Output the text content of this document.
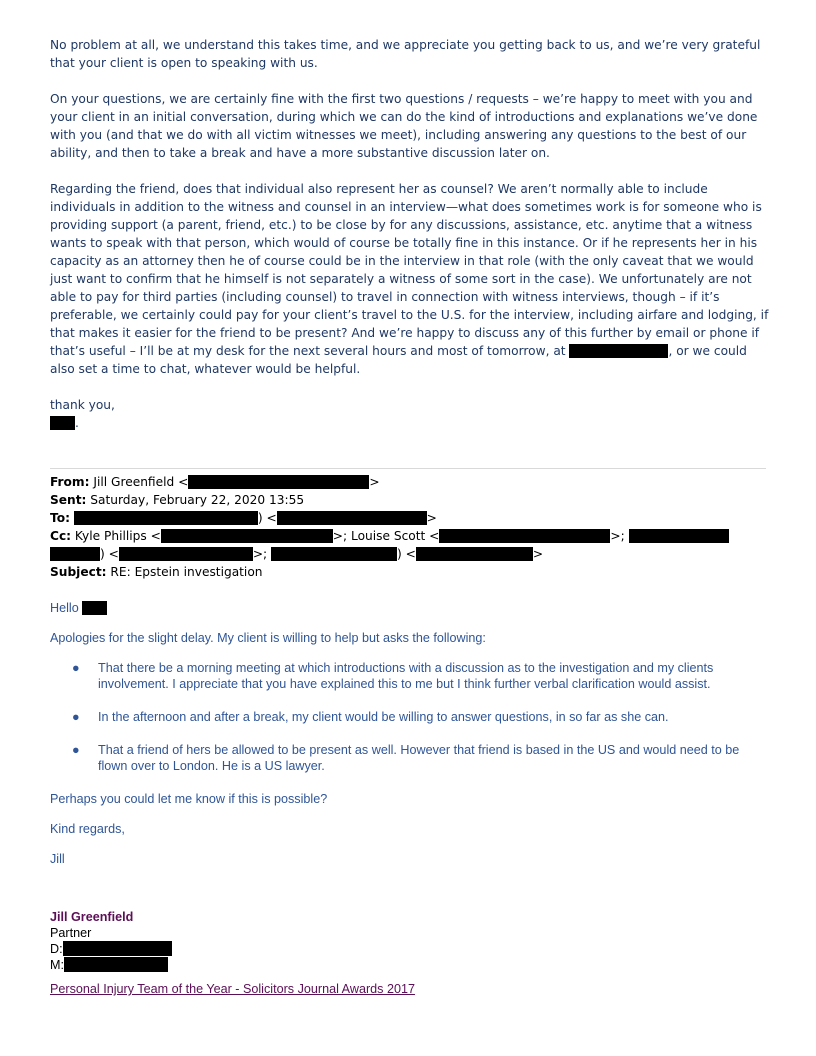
No problem at all, we understand this takes time, and we appreciate you getting back to us, and we’re very grateful that your client is open to speaking with us.

On your questions, we are certainly fine with the first two questions / requests – we’re happy to meet with you and your client in an initial conversation, during which we can do the kind of introductions and explanations we’ve done with you (and that we do with all victim witnesses we meet), including answering any questions to the best of our ability, and then to take a break and have a more substantive discussion later on.

Regarding the friend, does that individual also represent her as counsel? We aren’t normally able to include individuals in addition to the witness and counsel in an interview—what does sometimes work is for someone who is providing support (a parent, friend, etc.) to be close by for any discussions, assistance, etc. anytime that a witness wants to speak with that person, which would of course be totally fine in this instance. Or if he represents her in his capacity as an attorney then he of course could be in the interview in that role (with the only caveat that we would just want to confirm that he himself is not separately a witness of some sort in the case). We unfortunately are not able to pay for third parties (including counsel) to travel in connection with witness interviews, though – if it’s preferable, we certainly could pay for your client’s travel to the U.S. for the interview, including airfare and lodging, if that makes it easier for the friend to be present? And we’re happy to discuss any of this further by email or phone if that’s useful – I’ll be at my desk for the next several hours and most of tomorrow, at	, or we could also set a time to chat, whatever would be helpful.

thank you,
.
From: Jill Greenfield <	>
Sent: Saturday, February 22, 2020 13:55
To:	) <	>
Cc: Kyle Phillips <	>; Louise Scott <	>;
) <	>;	) <	>
Subject: RE: Epstein investigation

Hello

Apologies for the slight delay. My client is willing to help but asks the following:

● That there be a morning meeting at which introductions with a discussion as to the investigation and my clients involvement. I appreciate that you have explained this to me but I think further verbal clarification would assist.
● In the afternoon and after a break, my client would be willing to answer questions, in so far as she can.
● That a friend of hers be allowed to be present as well. However that friend is based in the US and would need to be flown over to London. He is a US lawyer.

Perhaps you could let me know if this is possible?

Kind regards,

Jill

Jill Greenfield
Partner
D:
M:
Personal Injury Team of the Year - Solicitors Journal Awards 2017
